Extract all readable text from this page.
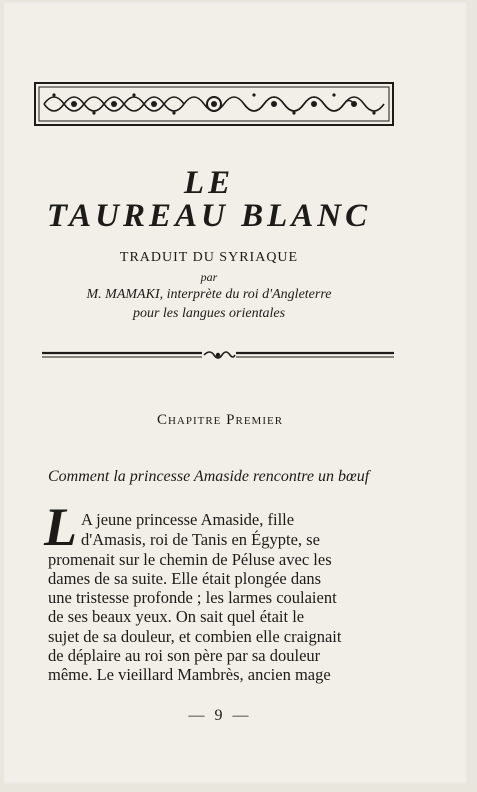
LE
TAUREAU BLANC
TRADUIT DU SYRIAQUE
par
M. MAMAKI, interprète du roi d'Angleterre
pour les langues orientales
Chapitre Premier
Comment la princesse Amaside rencontre un bœuf
L A jeune princesse Amaside, fille
d'Amasis, roi de Tanis en Égypte, se
promenait sur le chemin de Péluse avec les
dames de sa suite. Elle était plongée dans
une tristesse profonde ; les larmes coulaient
de ses beaux yeux. On sait quel était le
sujet de sa douleur, et combien elle craignait
de déplaire au roi son père par sa douleur
même. Le vieillard Mambrès, ancien mage
— 9 —
